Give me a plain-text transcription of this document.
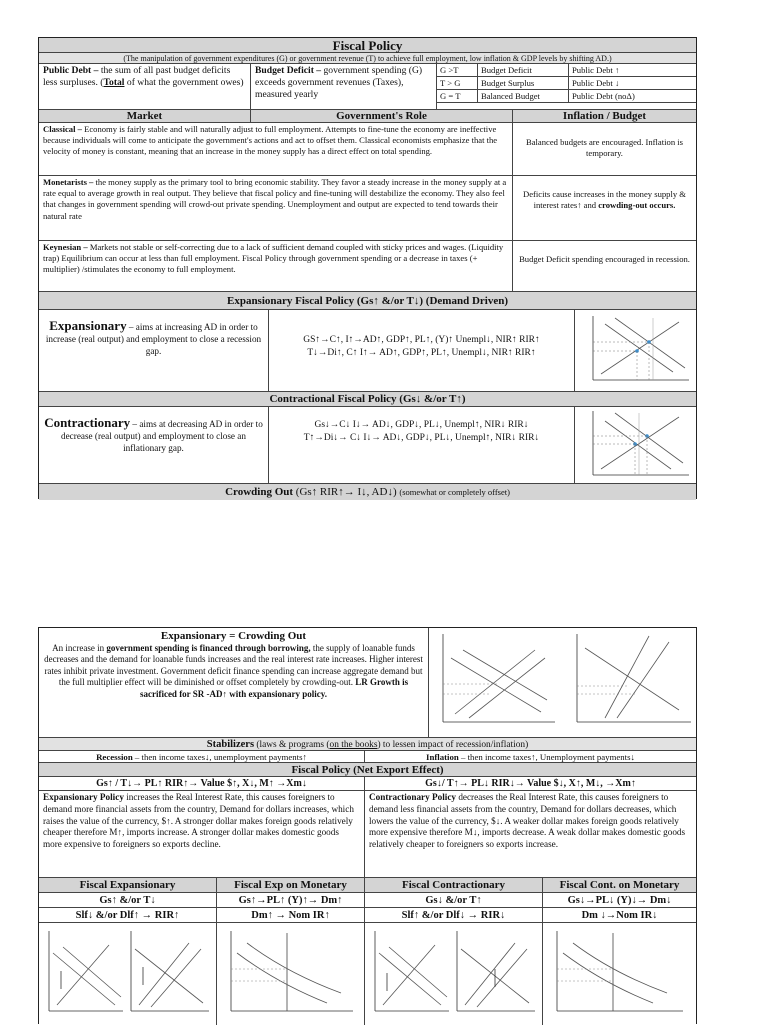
Fiscal Policy
(The manipulation of government expenditures (G) or government revenue (T) to achieve full employment, low inflation & GDP levels by shifting AD.)
Public Debt – the sum of all past budget deficits less surpluses. (Total of what the government owes)
Budget Deficit – government spending (G) exceeds government revenues (Taxes), measured yearly
G >T	Budget Deficit	Public Debt ↑
T > G	Budget Surplus	Public Debt ↓
G = T	Balanced Budget	Public Debt (noΔ)
Market	Government's Role	Inflation / Budget
Classical – Economy is fairly stable and will naturally adjust to full employment. Attempts to fine-tune the economy are ineffective because individuals will come to anticipate the government's actions and act to offset them. Classical economists emphasize that the velocity of money is constant, meaning that an increase in the money supply has a direct effect on total spending.
Balanced budgets are encouraged. Inflation is temporary.
Monetarists – the money supply as the primary tool to bring economic stability. They favor a steady increase in the money supply at a rate equal to average growth in real output. They believe that fiscal policy and fine-tuning will destabilize the economy. They also feel that changes in government spending will crowd-out private spending. Unemployment and output are expected to tend towards their natural rate
Deficits cause increases in the money supply & interest rates↑ and crowding-out occurs.
Keynesian – Markets not stable or self-correcting due to a lack of sufficient demand coupled with sticky prices and wages. (Liquidity trap) Equilibrium can occur at less than full employment. Fiscal Policy through government spending or a decrease in taxes (+ multiplier) /stimulates the economy to full employment.
Budget Deficit spending encouraged in recession.
Expansionary Fiscal Policy (Gs↑ &/or T↓) (Demand Driven)
Expansionary – aims at increasing AD in order to increase (real output) and employment to close a recession gap.
GS↑→C↑, I↑→AD↑, GDP↑, PL↑, (Y)↑ Unempl↓, NIR↑ RIR↑
T↓→Di↑, C↑ I↑→ AD↑, GDP↑, PL↑, Unempl↓, NIR↑ RIR↑
Contractional Fiscal Policy (Gs↓ &/or T↑)
Contractionary – aims at decreasing AD in order to decrease (real output) and employment to close an inflationary gap.
Gs↓→C↓ I↓→ AD↓, GDP↓, PL↓, Unempl↑, NIR↓ RIR↓
T↑→Di↓→ C↓ I↓→ AD↓, GDP↓, PL↓, Unempl↑, NIR↓ RIR↓
Crowding Out (Gs↑ RIR↑→ I↓, AD↓) (somewhat or completely offset)
Expansionary = Crowding Out
An increase in government spending is financed through borrowing, the supply of loanable funds decreases and the demand for loanable funds increases and the real interest rate increases. Higher interest rates inhibit private investment. Government deficit finance spending can increase aggregate demand but the full multiplier effect will be diminished or offset completely by crowding-out. LR Growth is sacrificed for SR -AD↑ with expansionary policy.
Stabilizers (laws & programs (on the books) to lessen impact of recession/inflation)
Recession – then income taxes↓, unemployment payments↑	Inflation – then income taxes↑, Unemployment payments↓
Fiscal Policy (Net Export Effect)
Gs↑ / T↓→ PL↑ RIR↑→ Value $↑, X↓, M↑ →Xm↓	Gs↓/ T↑→ PL↓ RIR↓→ Value $↓, X↑, M↓, →Xm↑
Expansionary Policy increases the Real Interest Rate, this causes foreigners to demand more financial assets from the country, Demand for dollars increases, which raises the value of the currency, $↑. A stronger dollar makes foreign goods relatively cheaper therefore M↑, imports increase. A stronger dollar makes domestic goods more expensive to foreigners so exports decline.
Contractionary Policy decreases the Real Interest Rate, this causes foreigners to demand less financial assets from the country, Demand for dollars decreases, which lowers the value of the currency, $↓. A weaker dollar makes foreign goods relatively more expensive therefore M↓, imports decrease. A weak dollar makes domestic goods relatively cheaper to foreigners so exports increase.
Fiscal Expansionary	Fiscal Exp on Monetary	Fiscal Contractionary	Fiscal Cont. on Monetary
Gs↑ &/or T↓	Gs↑→PL↑ (Y)↑→ Dm↑	Gs↓ &/or T↑	Gs↓→PL↓ (Y)↓→ Dm↓
Slf↓ &/or Dlf↑ → RIR↑	Dm↑ → Nom IR↑	Slf↑ &/or Dlf↓ → RIR↓	Dm ↓→Nom IR↓
